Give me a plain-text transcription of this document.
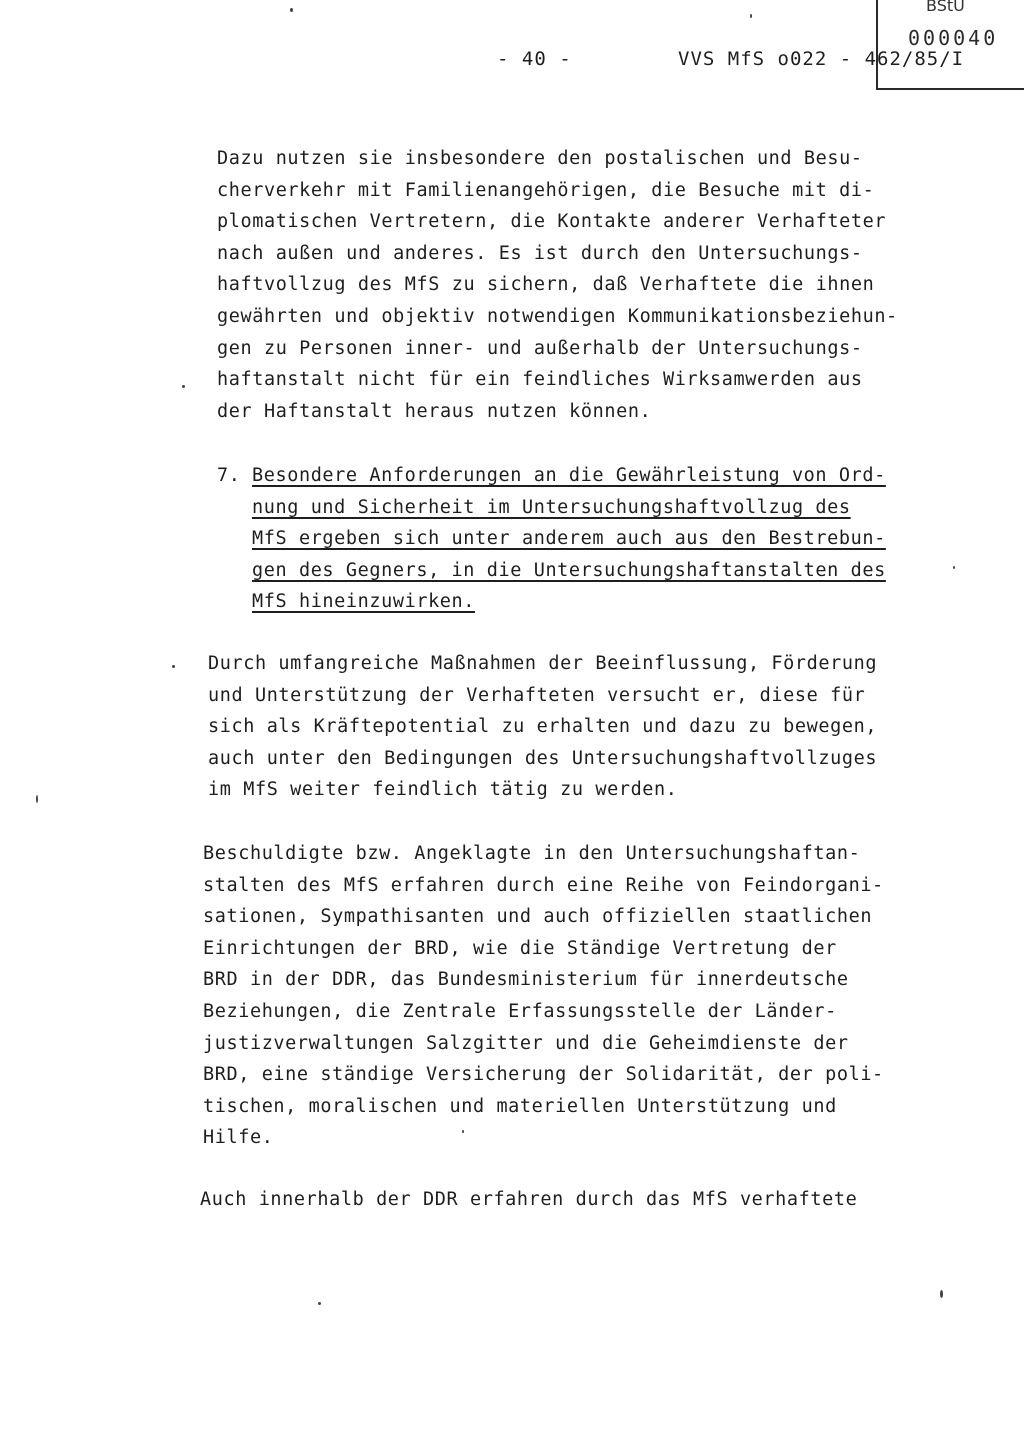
- 40 -	VVS MfS o022 - 462/85/I
BStU
000040

Dazu nutzen sie insbesondere den postalischen und Besu-
cherverkehr mit Familienangehörigen, die Besuche mit di-
plomatischen Vertretern, die Kontakte anderer Verhafteter
nach außen und anderes. Es ist durch den Untersuchungs-
haftvollzug des MfS zu sichern, daß Verhaftete die ihnen
gewährten und objektiv notwendigen Kommunikationsbeziehun-
gen zu Personen inner- und außerhalb der Untersuchungs-
haftanstalt nicht für ein feindliches Wirksamwerden aus
der Haftanstalt heraus nutzen können.

7.

Besondere Anforderungen an die Gewährleistung von Ord-
nung und Sicherheit im Untersuchungshaftvollzug des
MfS ergeben sich unter anderem auch aus den Bestrebun-
gen des Gegners, in die Untersuchungshaftanstalten des
MfS hineinzuwirken.

Durch umfangreiche Maßnahmen der Beeinflussung, Förderung
und Unterstützung der Verhafteten versucht er, diese für
sich als Kräftepotential zu erhalten und dazu zu bewegen,
auch unter den Bedingungen des Untersuchungshaftvollzuges
im MfS weiter feindlich tätig zu werden.

Beschuldigte bzw. Angeklagte in den Untersuchungshaftan-
stalten des MfS erfahren durch eine Reihe von Feindorgani-
sationen, Sympathisanten und auch offiziellen staatlichen
Einrichtungen der BRD, wie die Ständige Vertretung der
BRD in der DDR, das Bundesministerium für innerdeutsche
Beziehungen, die Zentrale Erfassungsstelle der Länder-
justizverwaltungen Salzgitter und die Geheimdienste der
BRD, eine ständige Versicherung der Solidarität, der poli-
tischen, moralischen und materiellen Unterstützung und
Hilfe.

Auch innerhalb der DDR erfahren durch das MfS verhaftete
